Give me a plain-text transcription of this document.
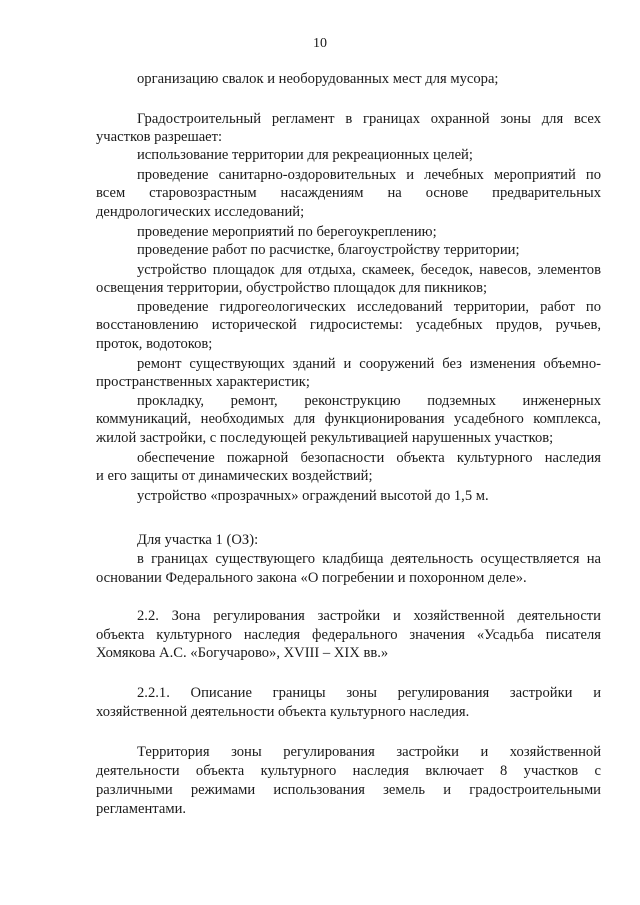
10
организацию свалок и необорудованных мест для мусора;
Градостроительный регламент в границах охранной зоны для всех
участков разрешает:
использование территории для рекреационных целей;
проведение санитарно-оздоровительных и лечебных мероприятий по
всем старовозрастным насаждениям на основе предварительных
дендрологических исследований;
проведение мероприятий по берегоукреплению;
проведение работ по расчистке, благоустройству территории;
устройство площадок для отдыха, скамеек, беседок, навесов, элементов
освещения территории, обустройство площадок для пикников;
проведение гидрогеологических исследований территории, работ по
восстановлению исторической гидросистемы: усадебных прудов, ручьев,
проток, водотоков;
ремонт существующих зданий и сооружений без изменения объемно-
пространственных характеристик;
прокладку, ремонт, реконструкцию подземных инженерных
коммуникаций, необходимых для функционирования усадебного комплекса,
жилой застройки, с последующей рекультивацией нарушенных участков;
обеспечение пожарной безопасности объекта культурного наследия
и его защиты от динамических воздействий;
устройство «прозрачных» ограждений высотой до 1,5 м.
Для участка 1 (ОЗ):
в границах существующего кладбища деятельность осуществляется на
основании Федерального закона «О погребении и похоронном деле».
2.2. Зона регулирования застройки и хозяйственной деятельности
объекта культурного наследия федерального значения «Усадьба писателя
Хомякова А.С. «Богучарово», XVIII – XIX вв.»
2.2.1. Описание границы зоны регулирования застройки и
хозяйственной деятельности объекта культурного наследия.
Территория зоны регулирования застройки и хозяйственной
деятельности объекта культурного наследия включает 8 участков с
различными режимами использования земель и градостроительными
регламентами.
